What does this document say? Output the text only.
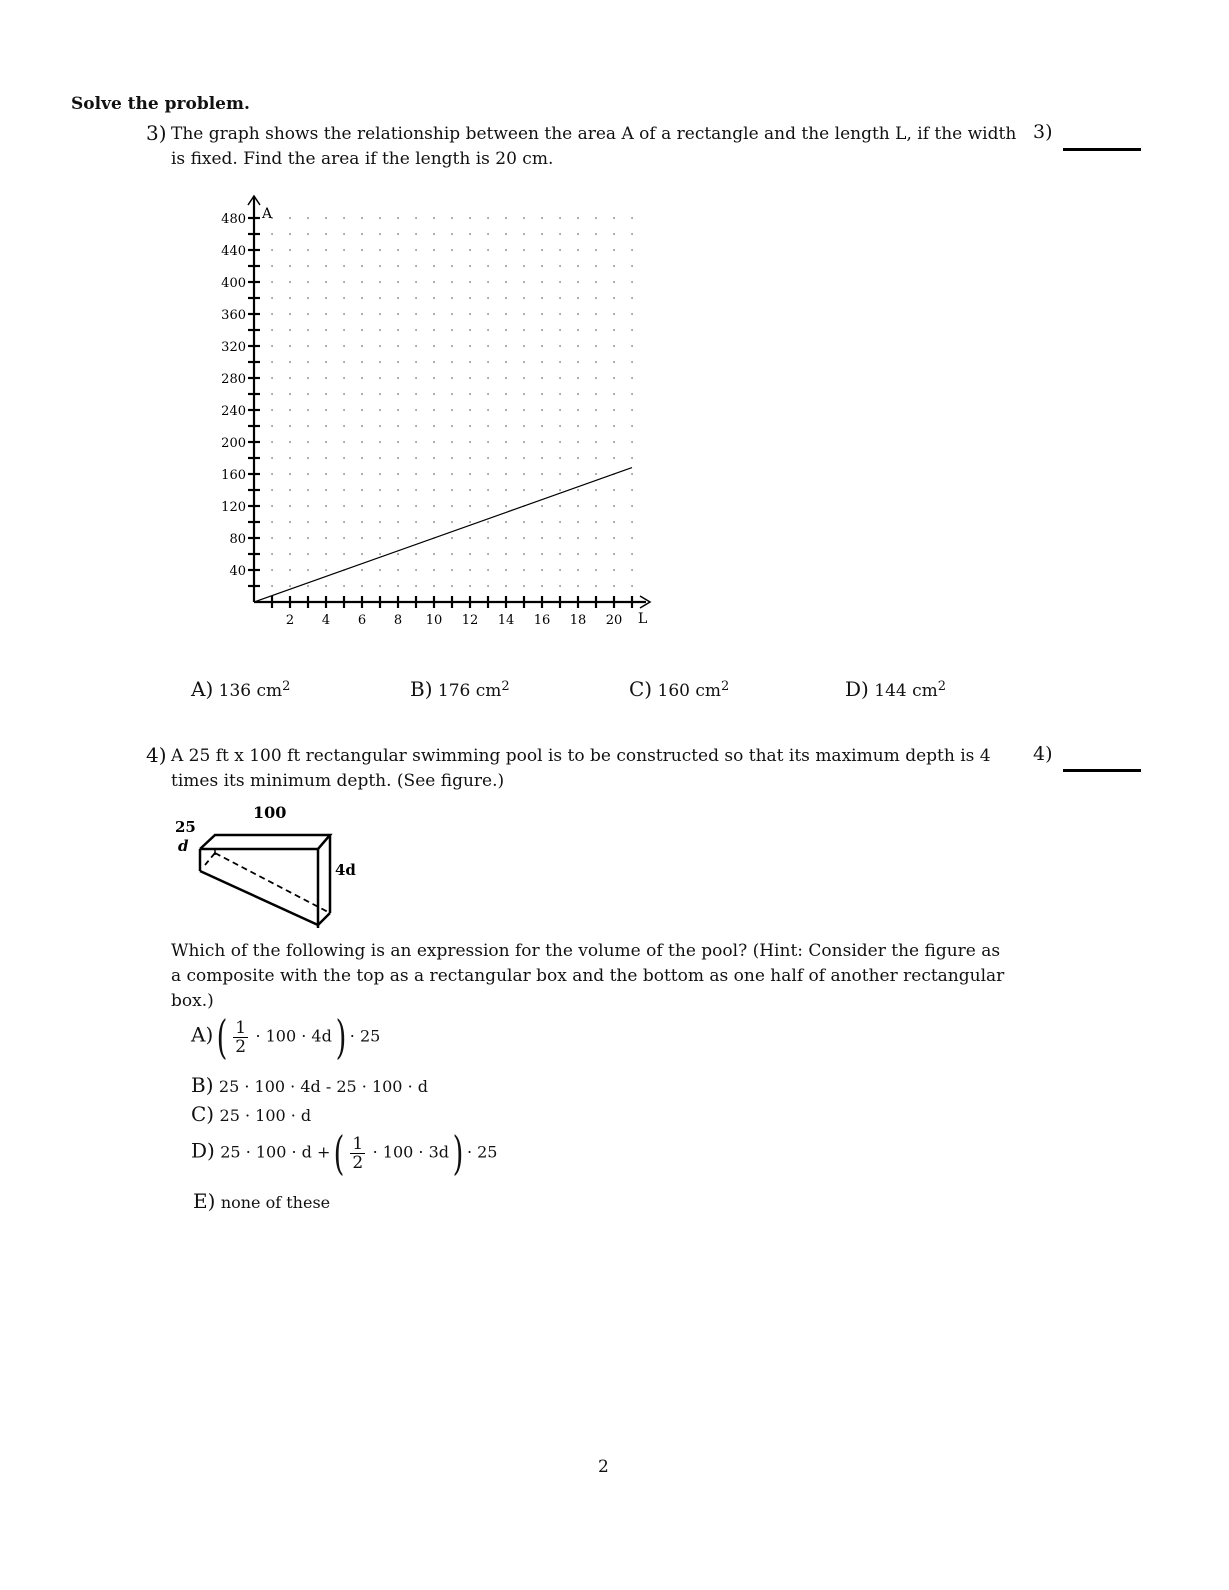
Solve the problem.
3) The graph shows the relationship between the area A of a rectangle and the length L, if the width
is fixed. Find the area if the length is 20 cm.
3)
40
80
120
160
200
240
280
320
360
400
440
480
2 4 6 8 10 12 14 16 18 20
A
L
A) 136 $cm^2$	B) 176 $cm^2$	C) 160 $cm^2$	D) 144 $cm^2$
4) A 25 ft x 100 ft rectangular swimming pool is to be constructed so that its maximum depth is 4
times its minimum depth. (See figure.)
4)
100
25
d
4d
Which of the following is an expression for the volume of the pool? (Hint: Consider the figure as
a composite with the top as a rectangular box and the bottom as one half of another rectangular
box.)
$A)( \frac{1}{2} \cdot 100 \cdot 4d) \cdot 25$
B) 25 · 100 · 4d - 25 · 100 · d
C) 25 · 100 · d
D) 25 · 100 · d +( $\frac{1}{2} \cdot 100 \cdot 3d) \cdot 25$
E) none of these
2
